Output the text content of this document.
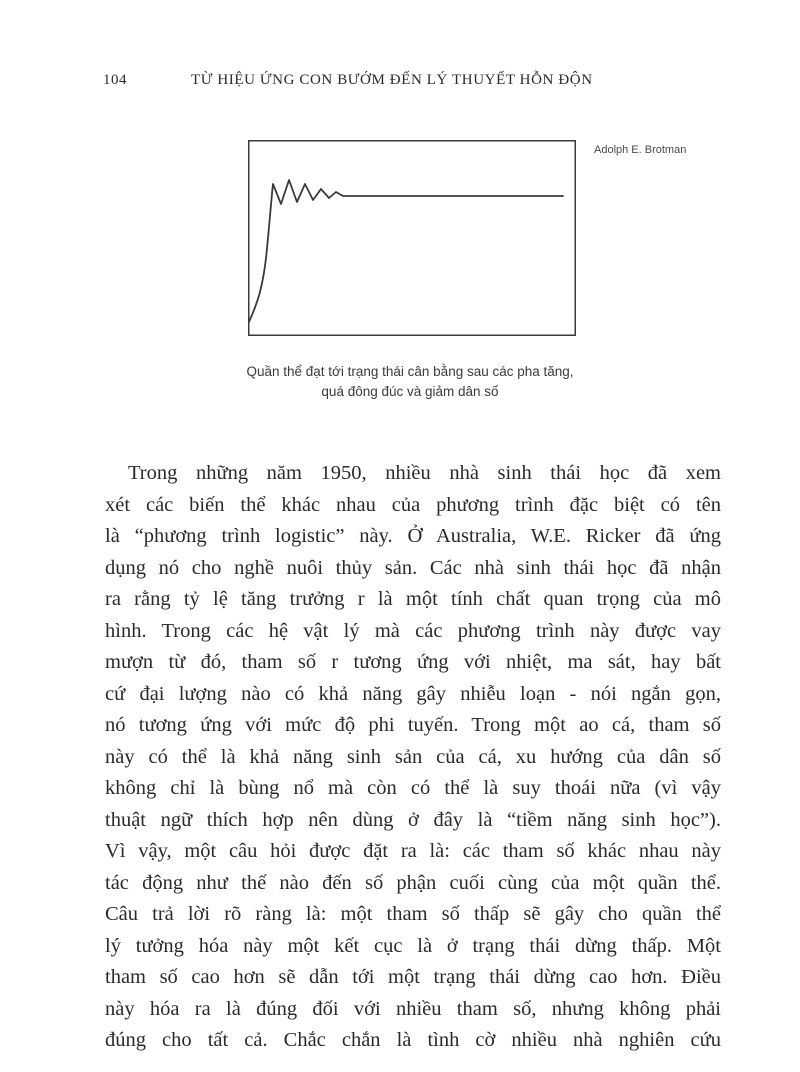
104	TỪ HIỆU ỨNG CON BƯỚM ĐẾN LÝ THUYẾT HỖN ĐỘN
Adolph E. Brotman
Quần thể đạt tới trạng thái cân bằng sau các pha tăng,
quá đông đúc và giảm dân số
Trong những năm 1950, nhiều nhà sinh thái học đã xem
xét các biến thể khác nhau của phương trình đặc biệt có tên
là “phương trình logistic” này. Ở Australia, W.E. Ricker đã ứng
dụng nó cho nghề nuôi thủy sản. Các nhà sinh thái học đã nhận
ra rằng tỷ lệ tăng trưởng r là một tính chất quan trọng của mô
hình. Trong các hệ vật lý mà các phương trình này được vay
mượn từ đó, tham số r tương ứng với nhiệt, ma sát, hay bất
cứ đại lượng nào có khả năng gây nhiễu loạn - nói ngắn gọn,
nó tương ứng với mức độ phi tuyến. Trong một ao cá, tham số
này có thể là khả năng sinh sản của cá, xu hướng của dân số
không chỉ là bùng nổ mà còn có thể là suy thoái nữa (vì vậy
thuật ngữ thích hợp nên dùng ở đây là “tiềm năng sinh học”).
Vì vậy, một câu hỏi được đặt ra là: các tham số khác nhau này
tác động như thế nào đến số phận cuối cùng của một quần thể.
Câu trả lời rõ ràng là: một tham số thấp sẽ gây cho quần thể
lý tưởng hóa này một kết cục là ở trạng thái dừng thấp. Một
tham số cao hơn sẽ dẫn tới một trạng thái dừng cao hơn. Điều
này hóa ra là đúng đối với nhiều tham số, nhưng không phải
đúng cho tất cả. Chắc chắn là tình cờ nhiều nhà nghiên cứu
